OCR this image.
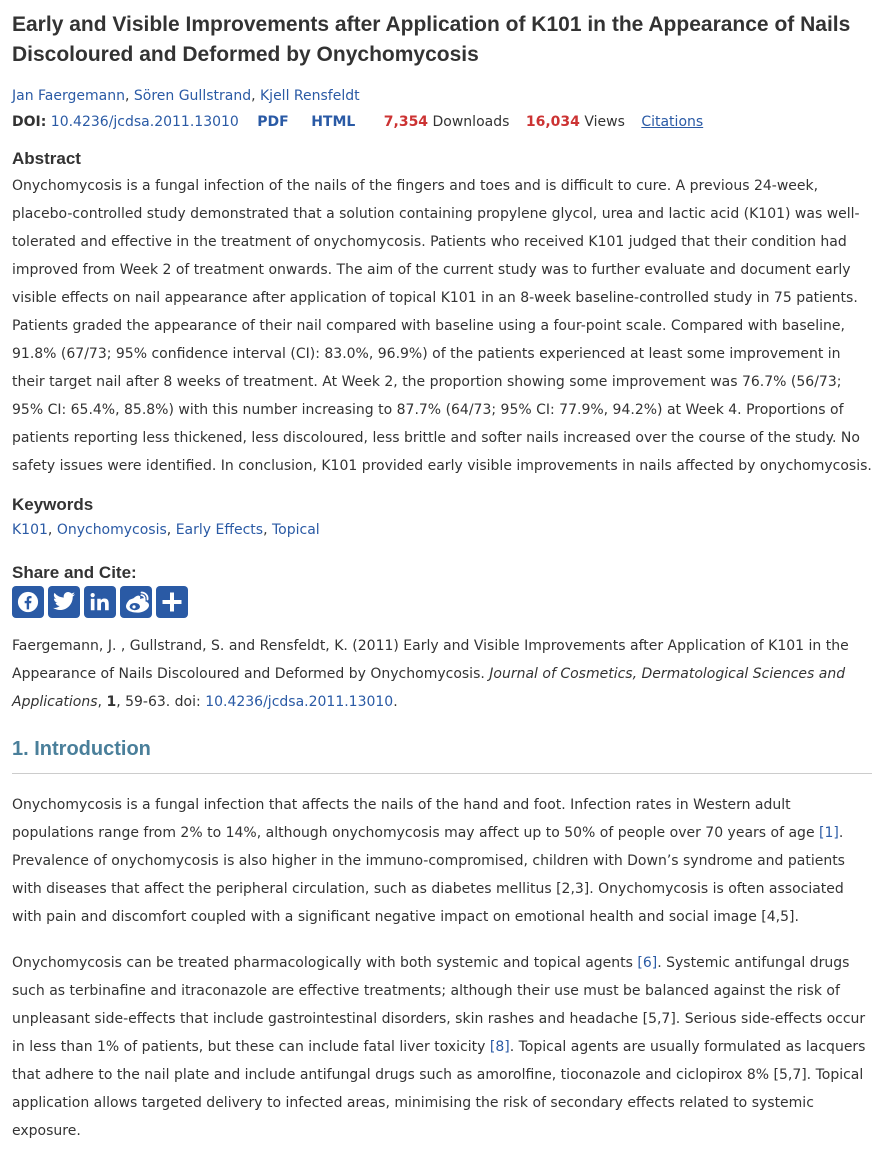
Early and Visible Improvements after Application of K101 in the Appearance of Nails Discoloured and Deformed by Onychomycosis
Jan Faergemann, Sören Gullstrand, Kjell Rensfeldt
DOI: 10.4236/jcdsa.2011.13010 PDF HTML 7,354 Downloads 16,034 Views Citations
Abstract

Onychomycosis is a fungal infection of the nails of the fingers and toes and is difficult to cure. A previous 24-week, placebo-controlled study demonstrated that a solution containing propylene glycol, urea and lactic acid (K101) was well-tolerated and effective in the treatment of onychomycosis. Patients who received K101 judged that their condition had improved from Week 2 of treatment onwards. The aim of the current study was to further evaluate and document early visible effects on nail appearance after application of topical K101 in an 8-week baseline-controlled study in 75 patients. Patients graded the appearance of their nail compared with baseline using a four-point scale. Compared with baseline, 91.8% (67/73; 95% confidence interval (CI): 83.0%, 96.9%) of the patients experienced at least some improvement in their target nail after 8 weeks of treatment. At Week 2, the proportion showing some improvement was 76.7% (56/73; 95% CI: 65.4%, 85.8%) with this number increasing to 87.7% (64/73; 95% CI: 77.9%, 94.2%) at Week 4. Proportions of patients reporting less thickened, less discoloured, less brittle and softer nails increased over the course of the study. No safety issues were identified. In conclusion, K101 provided early visible improvements in nails affected by onychomycosis.

Keywords
K101, Onychomycosis, Early Effects, Topical
Share and Cite:

Faergemann, J. , Gullstrand, S. and Rensfeldt, K. (2011) Early and Visible Improvements after Application of K101 in the Appearance of Nails Discoloured and Deformed by Onychomycosis. Journal of Cosmetics, Dermatological Sciences and Applications, 1, 59-63. doi: 10.4236/jcdsa.2011.13010.

1. Introduction

Onychomycosis is a fungal infection that affects the nails of the hand and foot. Infection rates in Western adult populations range from 2% to 14%, although onychomycosis may affect up to 50% of people over 70 years of age [1]. Prevalence of onychomycosis is also higher in the immuno-compromised, children with Down’s syndrome and patients with diseases that affect the peripheral circulation, such as diabetes mellitus [2,3]. Onychomycosis is often associated with pain and discomfort coupled with a significant negative impact on emotional health and social image [4,5].

Onychomycosis can be treated pharmacologically with both systemic and topical agents [6]. Systemic antifungal drugs such as terbinafine and itraconazole are effective treatments; although their use must be balanced against the risk of unpleasant side-effects that include gastrointestinal disorders, skin rashes and headache [5,7]. Serious side-effects occur in less than 1% of patients, but these can include fatal liver toxicity [8]. Topical agents are usually formulated as lacquers that adhere to the nail plate and include antifungal drugs such as amorolfine, tioconazole and ciclopirox 8% [5,7]. Topical application allows targeted delivery to infected areas, minimising the risk of secondary effects related to systemic exposure.
